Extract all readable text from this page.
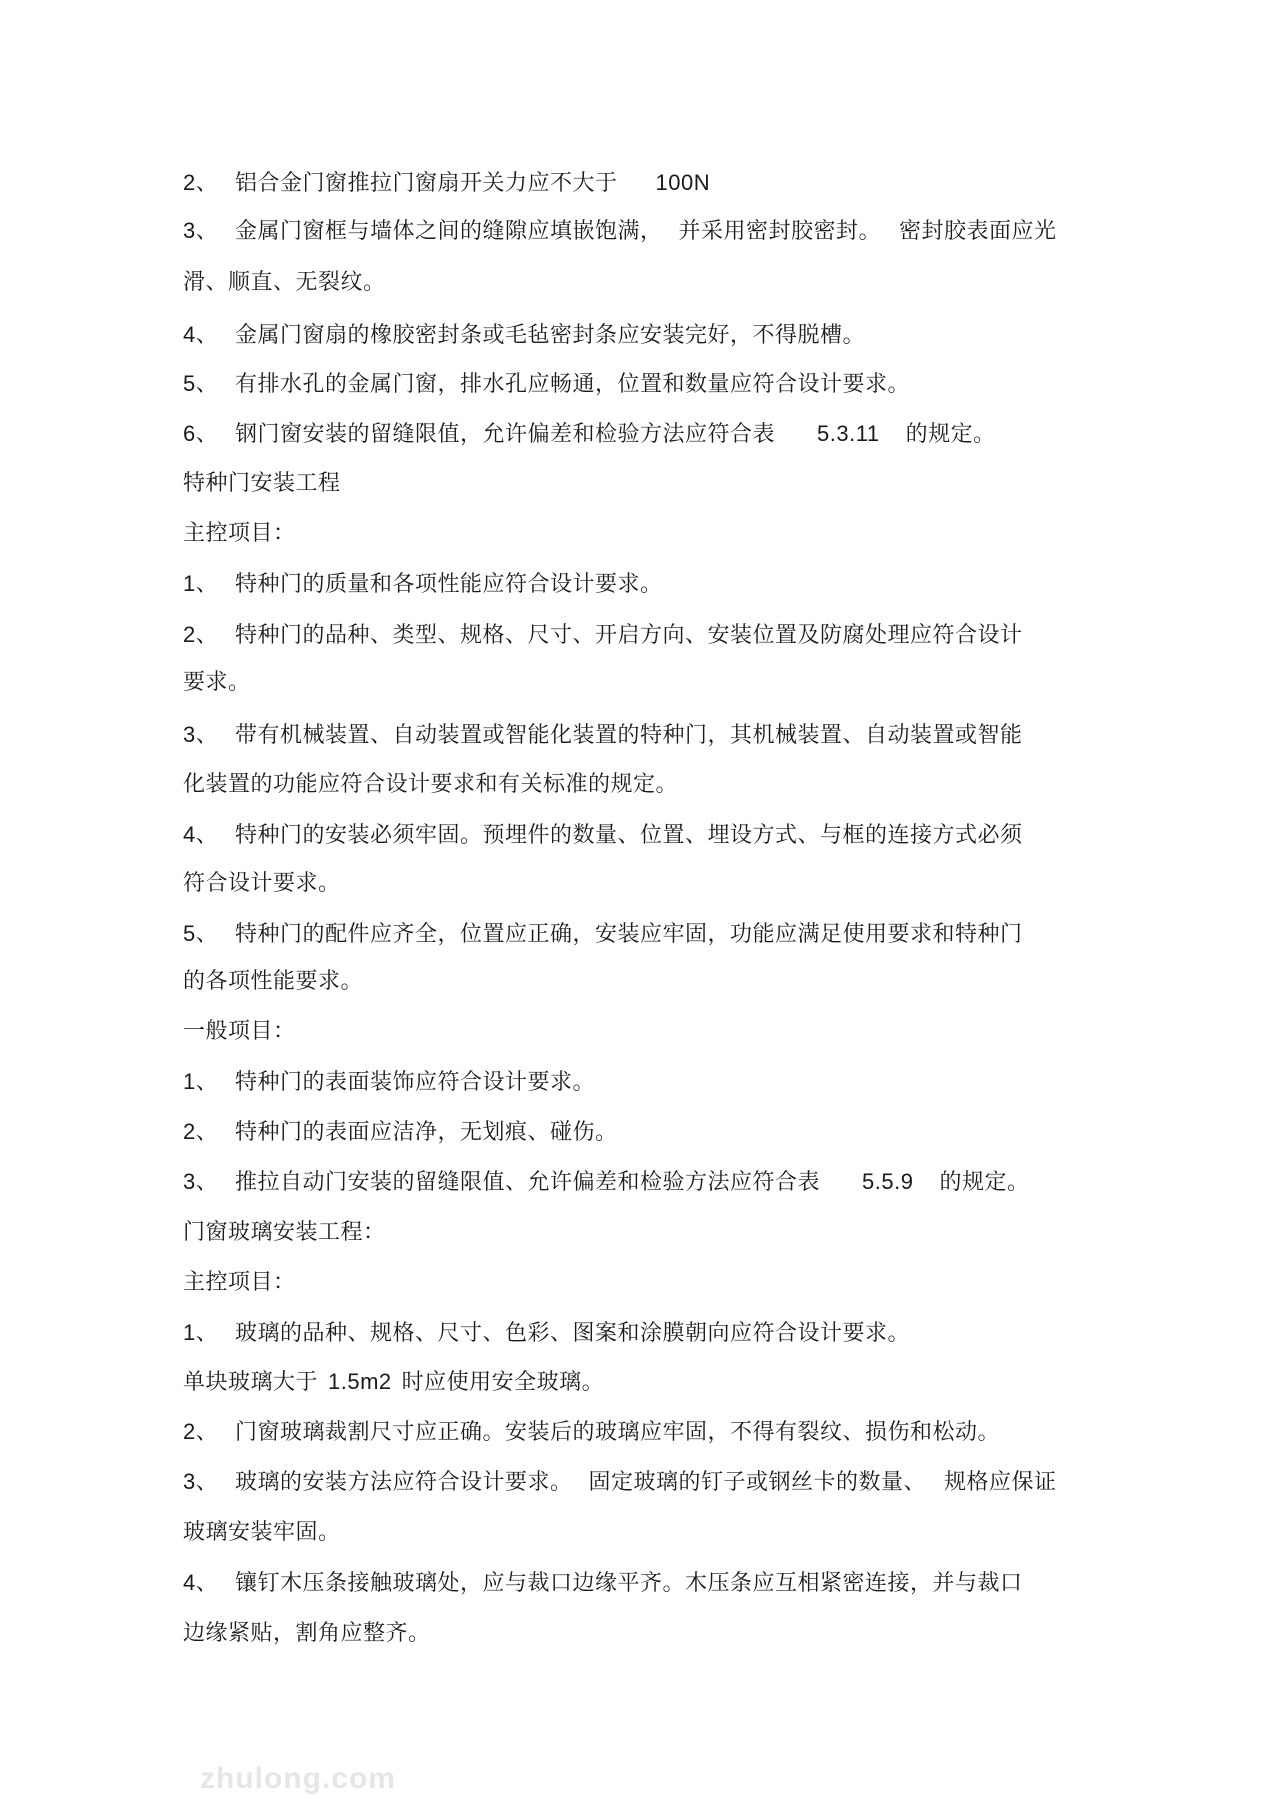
2、 铝合金门窗推拉门窗扇开关力应不大于 100N
3、 金属门窗框与墙体之间的缝隙应填嵌饱满， 并采用密封胶密封。 密封胶表面应光
滑、顺直、无裂纹。
4、 金属门窗扇的橡胶密封条或毛毡密封条应安装完好，不得脱槽。
5、 有排水孔的金属门窗，排水孔应畅通，位置和数量应符合设计要求。
6、 钢门窗安装的留缝限值，允许偏差和检验方法应符合表 5.3.11 的规定。
特种门安装工程
主控项目：
1、 特种门的质量和各项性能应符合设计要求。
2、 特种门的品种、类型、规格、尺寸、开启方向、安装位置及防腐处理应符合设计
要求。
3、 带有机械装置、自动装置或智能化装置的特种门，其机械装置、自动装置或智能
化装置的功能应符合设计要求和有关标准的规定。
4、 特种门的安装必须牢固。预埋件的数量、位置、埋设方式、与框的连接方式必须
符合设计要求。
5、 特种门的配件应齐全，位置应正确，安装应牢固，功能应满足使用要求和特种门
的各项性能要求。
一般项目：
1、 特种门的表面装饰应符合设计要求。
2、 特种门的表面应洁净，无划痕、碰伤。
3、 推拉自动门安装的留缝限值、允许偏差和检验方法应符合表 5.5.9 的规定。
门窗玻璃安装工程：
主控项目：
1、 玻璃的品种、规格、尺寸、色彩、图案和涂膜朝向应符合设计要求。
单块玻璃大于 1.5m2 时应使用安全玻璃。
2、 门窗玻璃裁割尺寸应正确。安装后的玻璃应牢固，不得有裂纹、损伤和松动。
3、 玻璃的安装方法应符合设计要求。 固定玻璃的钉子或钢丝卡的数量、 规格应保证
玻璃安装牢固。
4、 镶钉木压条接触玻璃处，应与裁口边缘平齐。木压条应互相紧密连接，并与裁口
边缘紧贴，割角应整齐。
zhulong.com
